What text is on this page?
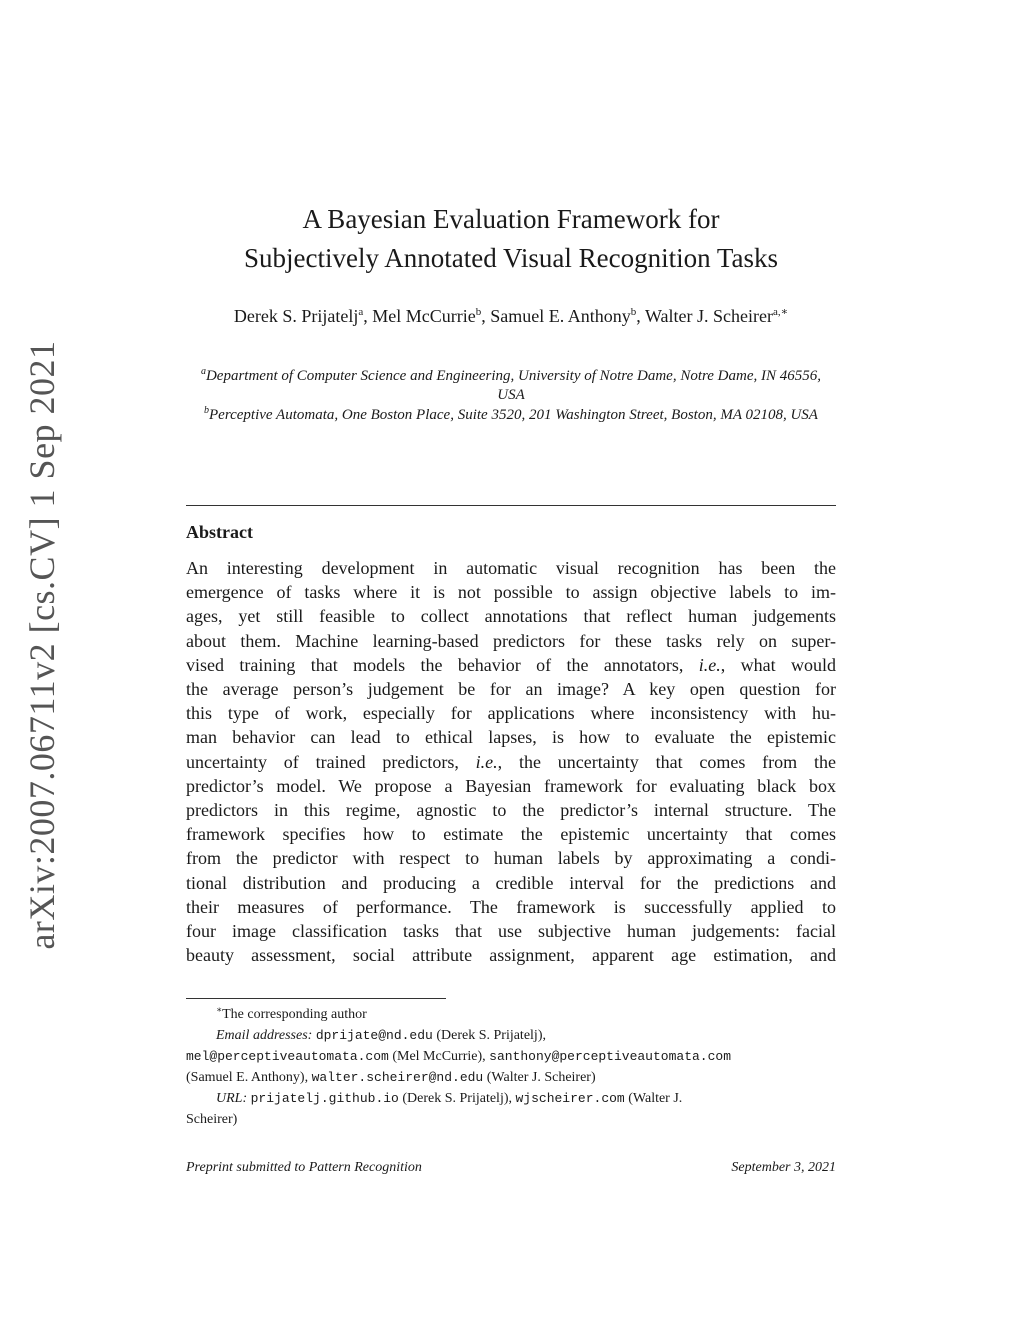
arXiv:2007.06711v2 [cs.CV] 1 Sep 2021
A Bayesian Evaluation Framework for
Subjectively Annotated Visual Recognition Tasks
Derek S. Prijatelj$^a$, Mel McCurrie$^b$, Samuel E. Anthony$^b$, Walter J. Scheirer$^{a,∗}$
$^a$Department of Computer Science and Engineering, University of Notre Dame, Notre Dame, IN 46556, USA
$^b$Perceptive Automata, One Boston Place, Suite 3520, 201 Washington Street, Boston, MA 02108, USA
Abstract
An interesting development in automatic visual recognition has been the
emergence of tasks where it is not possible to assign objective labels to im-
ages, yet still feasible to collect annotations that reflect human judgements
about them. Machine learning-based predictors for these tasks rely on super-
vised training that models the behavior of the annotators, i.e., what would
the average person’s judgement be for an image? A key open question for
this type of work, especially for applications where inconsistency with hu-
man behavior can lead to ethical lapses, is how to evaluate the epistemic
uncertainty of trained predictors, i.e., the uncertainty that comes from the
predictor’s model. We propose a Bayesian framework for evaluating black box
predictors in this regime, agnostic to the predictor’s internal structure. The
framework specifies how to estimate the epistemic uncertainty that comes
from the predictor with respect to human labels by approximating a condi-
tional distribution and producing a credible interval for the predictions and
their measures of performance. The framework is successfully applied to
four image classification tasks that use subjective human judgements: facial
beauty assessment, social attribute assignment, apparent age estimation, and
∗The corresponding author
Email addresses: dprijate@nd.edu (Derek S. Prijatelj),
mel@perceptiveautomata.com (Mel McCurrie), santhony@perceptiveautomata.com
(Samuel E. Anthony), walter.scheirer@nd.edu (Walter J. Scheirer)
URL: prijatelj.github.io (Derek S. Prijatelj), wjscheirer.com (Walter J.
Scheirer)
Preprint submitted to Pattern Recognition	September 3, 2021
